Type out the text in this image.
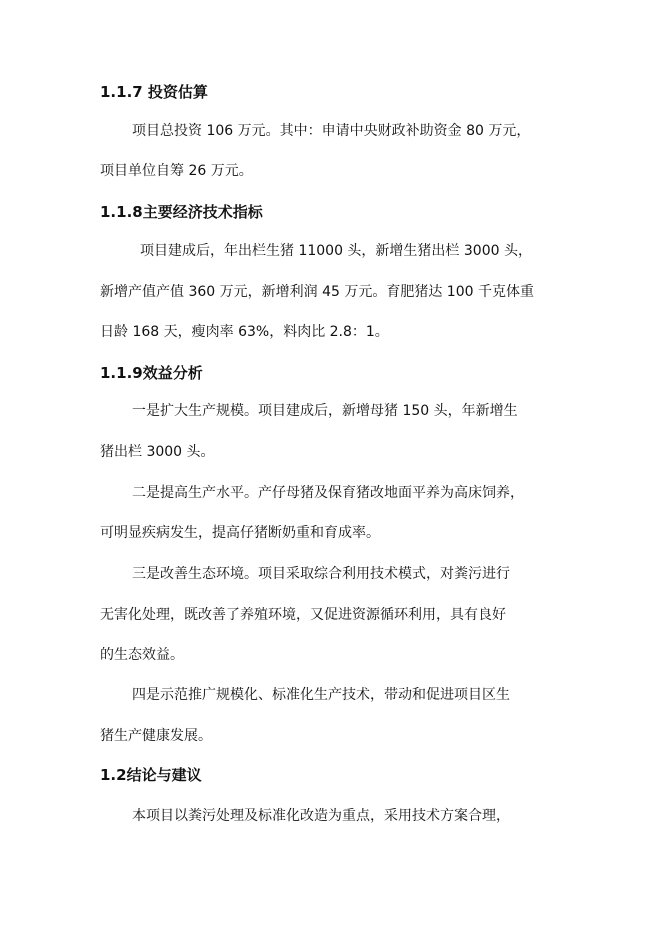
1.1.7 投资估算
项目总投资 106 万元。其中：申请中央财政补助资金 80 万元，
项目单位自筹 26 万元。
1.1.8主要经济技术指标
项目建成后，年出栏生猪 11000 头，新增生猪出栏 3000 头，
新增产值产值 360 万元，新增利润 45 万元。育肥猪达 100 千克体重
日龄 168 天，瘦肉率 63%，料肉比 2.8：1。
1.1.9效益分析
一是扩大生产规模。项目建成后，新增母猪 150 头，年新增生
猪出栏 3000 头。
二是提高生产水平。产仔母猪及保育猪改地面平养为高床饲养，
可明显疾病发生，提高仔猪断奶重和育成率。
三是改善生态环境。项目采取综合利用技术模式，对粪污进行
无害化处理，既改善了养殖环境，又促进资源循环利用，具有良好
的生态效益。
四是示范推广规模化、标准化生产技术，带动和促进项目区生
猪生产健康发展。
1.2结论与建议
本项目以粪污处理及标准化改造为重点，采用技术方案合理，
